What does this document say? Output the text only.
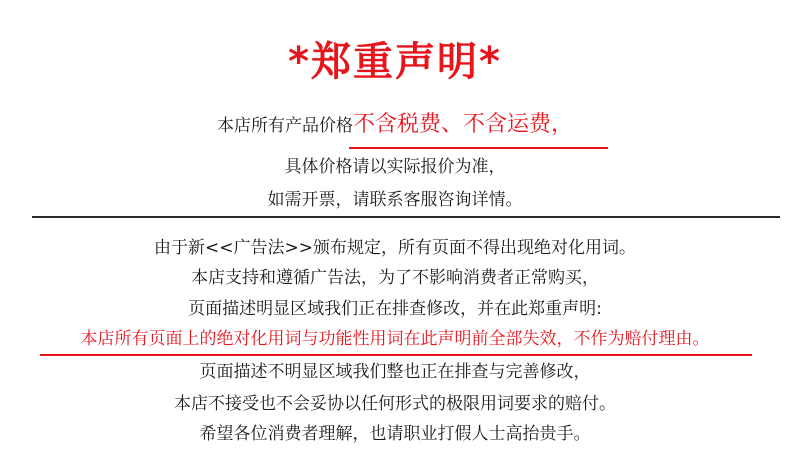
*郑重声明*
本店所有产品价格不含税费、不含运费，
具体价格请以实际报价为准，
如需开票，请联系客服咨询详情。
由于新<<广告法>>颁布规定，所有页面不得出现绝对化用词。
本店支持和遵循广告法，为了不影响消费者正常购买，
页面描述明显区域我们正在排查修改，并在此郑重声明:
本店所有页面上的绝对化用词与功能性用词在此声明前全部失效，不作为赔付理由。
页面描述不明显区域我们整也正在排查与完善修改，
本店不接受也不会妥协以任何形式的极限用词要求的赔付。
希望各位消费者理解，也请职业打假人士高抬贵手。
